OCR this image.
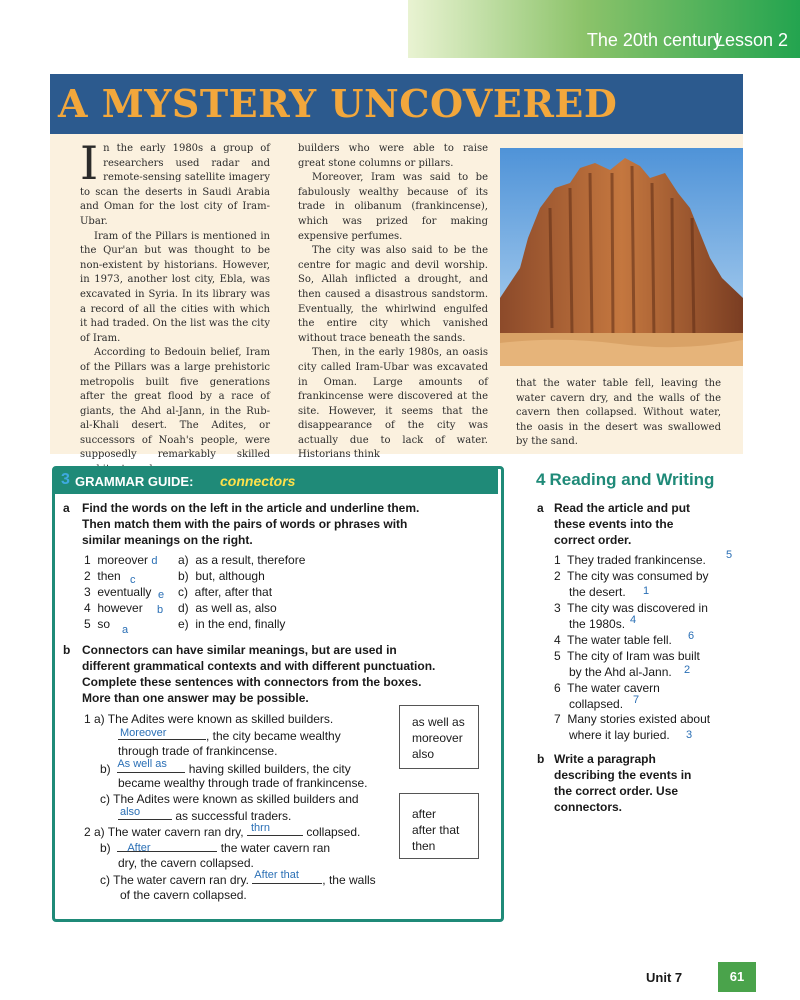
The 20th century
Lesson 2
A MYSTERY UNCOVERED

In the early 1980s a group of researchers used radar and remote-sensing satellite imagery to scan the deserts in Saudi Arabia and Oman for the lost city of Iram-Ubar.

Iram of the Pillars is mentioned in the Qur'an but was thought to be non-existent by historians. However, in 1973, another lost city, Ebla, was excavated in Syria. In its library was a record of all the cities with which it had traded. On the list was the city of Iram.

According to Bedouin belief, Iram of the Pillars was a large prehistoric metropolis built five generations after the great flood by a race of giants, the Ahd al-Jann, in the Rub-al-Khali desert. The Adites, or successors of Noah's people, were supposedly remarkably skilled

builders who were able to raise great stone columns or pillars.

Moreover, Iram was said to be fabulously wealthy because of its trade in olibanum (frankincense), which was prized for making expensive perfumes.

The city was also said to be the centre for magic and devil worship. So, Allah inflicted a drought, and then caused a disastrous sandstorm. Eventually, the whirlwind engulfed the entire city which vanished without trace beneath the sands.

Then, in the early 1980s, an oasis city called Iram-Ubar was excavated in Oman. Large amounts of frankincense were discovered at the site. However, it seems that the disappearance of the city was actually due to lack of water. Historians think

that the water table fell, leaving the water cavern dry, and the walls of the cavern then collapsed. Without water, the oasis in the desert was swallowed by the sand.
3 GRAMMAR GUIDE: connectors
a Find the words on the left in the article and underline them.
Then match them with the pairs of words or phrases with
similar meanings on the right.
1 moreover d
2 then c
3 eventually e
4 however b
5 so a
a) as a result, therefore
b) but, although
c) after, after that
d) as well as, also
e) in the end, finally
b Connectors can have similar meanings, but are used in
different grammatical contexts and with different punctuation.
Complete these sentences with connectors from the boxes.
More than one answer may be possible.
as well as
moreover
also
after
after that
then
1 a) The Adites were known as skilled builders.
Moreover	, the city became wealthy
through trade of frankincense.
b) As well as having skilled builders, the city
became wealthy through trade of frankincense.
c) The Adites were known as skilled builders and
also	as successful traders.
2 a) The water cavern ran dry, thrn	collapsed.
b) After	the water cavern ran
dry, the cavern collapsed.
c) The water cavern ran dry. After that , the walls
of the cavern collapsed.
4 Reading and Writing
a Read the article and put
these events into the
correct order.
1 They traded frankincense. 5
2 The city was consumed by
the desert. 1
3 The city was discovered in
the 1980s. 4
4 The water table fell. 6
5 The city of Iram was built
by the Ahd al-Jann. 2
6 The water cavern
collapsed. 7
7 Many stories existed about
where it lay buried. 3
b Write a paragraph
describing the events in
the correct order. Use
connectors.
Unit 7	61
